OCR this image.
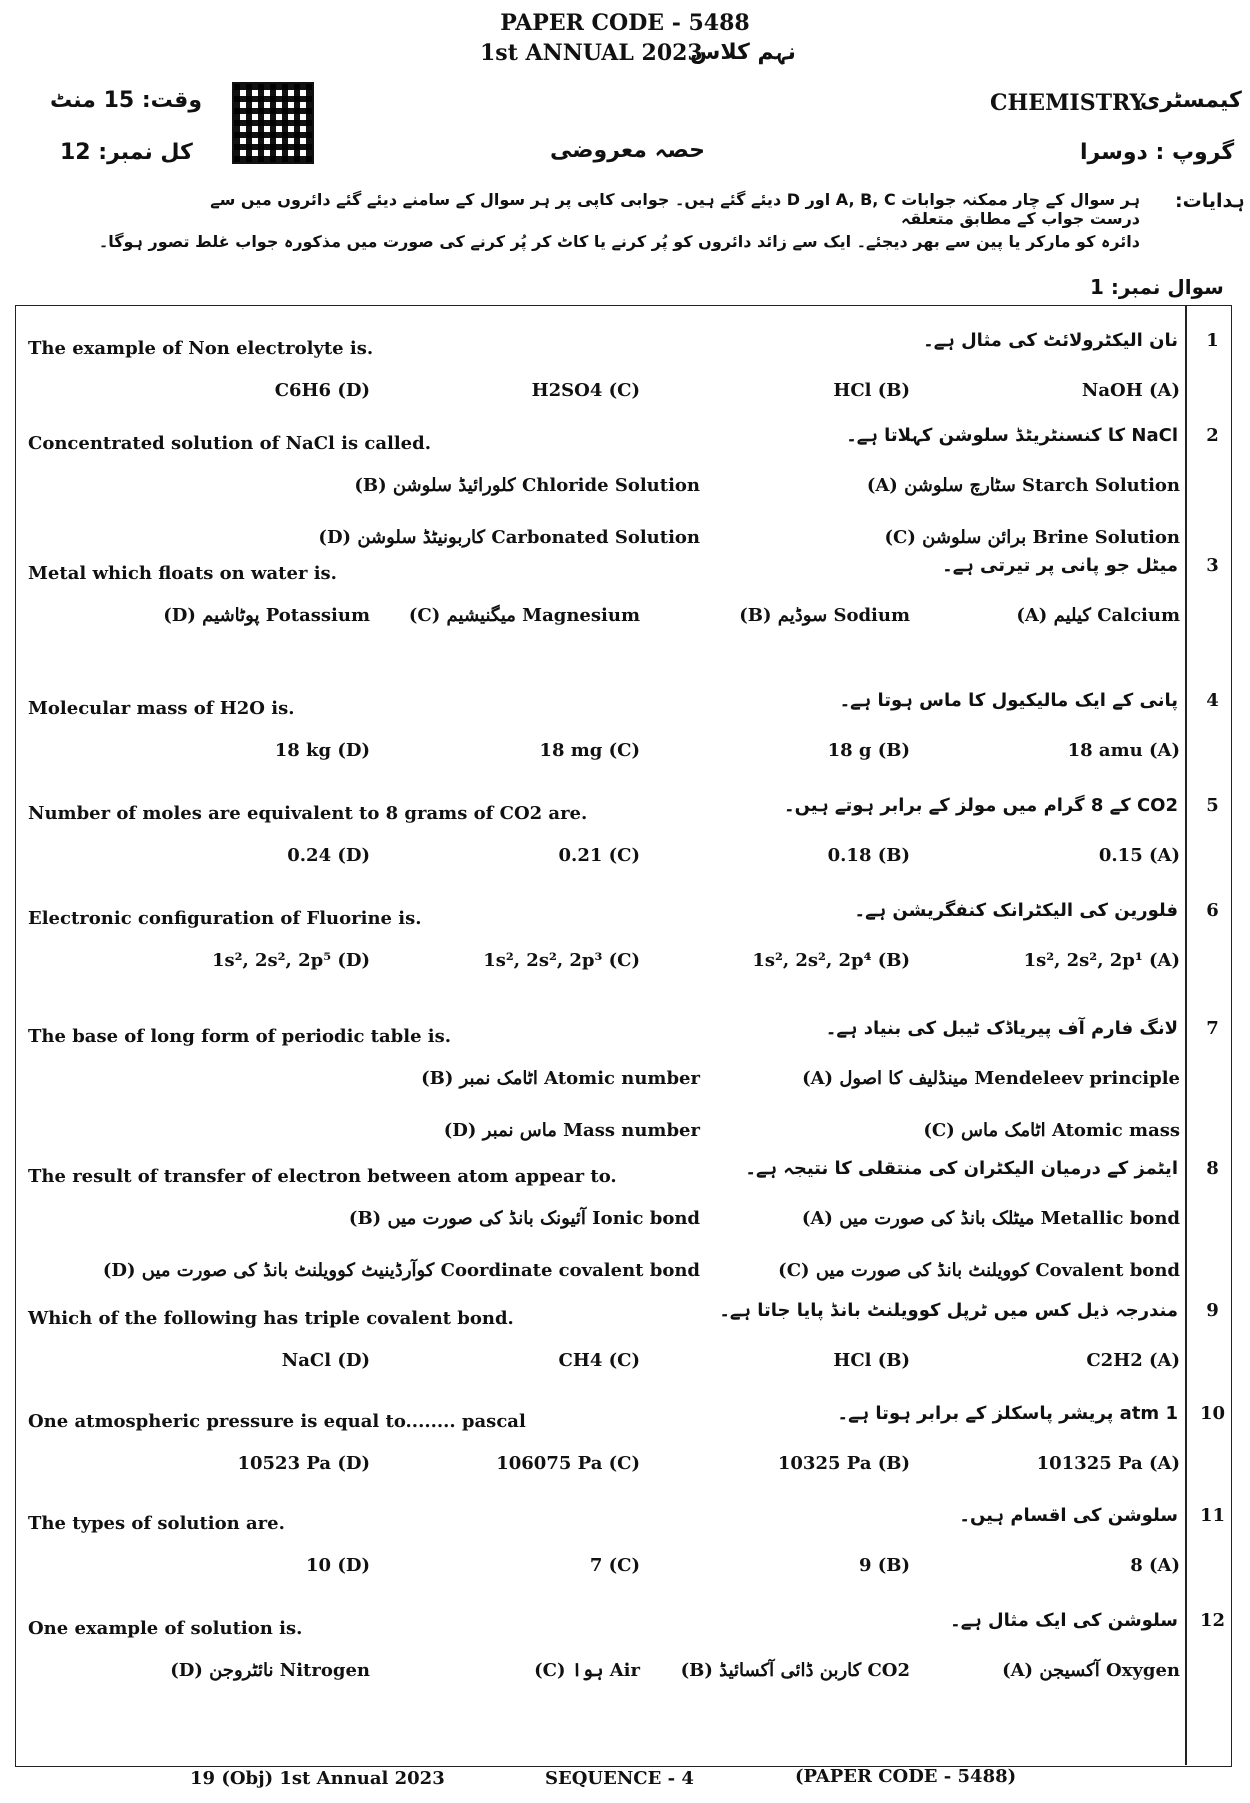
PAPER CODE - 5488
1st ANNUAL 2023
نہم کلاس
وقت: 15 منٹ
کل نمبر: 12
CHEMISTRY
کیمسٹری
گروپ : دوسرا
حصہ معروضی
ہدایات:
ہر سوال کے چار ممکنہ جوابات A, B, C اور D دیئے گئے ہیں۔ جوابی کاپی پر ہر سوال کے سامنے دیئے گئے دائروں میں سے درست جواب کے مطابق متعلقہ
دائرہ کو مارکر یا پین سے بھر دیجئے۔ ایک سے زائد دائروں کو پُر کرنے یا کاٹ کر پُر کرنے کی صورت میں مذکورہ جواب غلط تصور ہوگا۔
سوال نمبر: 1
1
نان الیکٹرولائٹ کی مثال ہے۔
The example of Non electrolyte is.
NaOH (A)
HCl (B)
H2SO4 (C)
C6H6 (D)
2
NaCl کا کنسنٹریٹڈ سلوشن کہلاتا ہے۔
Concentrated solution of NaCl is called.
(A) سٹارچ سلوشن Starch Solution
(B) کلورائیڈ سلوشن Chloride Solution
(C) برائن سلوشن Brine Solution
(D) کاربونیٹڈ سلوشن Carbonated Solution
3
میٹل جو پانی پر تیرتی ہے۔
Metal which floats on water is.
(A) کیلیم Calcium
(B) سوڈیم Sodium
(C) میگنیشیم Magnesium
(D) پوٹاشیم Potassium
4
پانی کے ایک مالیکیول کا ماس ہوتا ہے۔
Molecular mass of H2O is.
18 amu (A)
18 g (B)
18 mg (C)
18 kg (D)
5
CO2 کے 8 گرام میں مولز کے برابر ہوتے ہیں۔
Number of moles are equivalent to 8 grams of CO2 are.
0.15 (A)
0.18 (B)
0.21 (C)
0.24 (D)
6
فلورین کی الیکٹرانک کنفگریشن ہے۔
Electronic configuration of Fluorine is.
1s², 2s², 2p¹ (A)
1s², 2s², 2p⁴ (B)
1s², 2s², 2p³ (C)
1s², 2s², 2p⁵ (D)
7
لانگ فارم آف پیریاڈک ٹیبل کی بنیاد ہے۔
The base of long form of periodic table is.
(A) مینڈلیف کا اصول Mendeleev principle
(B) اٹامک نمبر Atomic number
(C) اٹامک ماس Atomic mass
(D) ماس نمبر Mass number
8
ایٹمز کے درمیان الیکٹران کی منتقلی کا نتیجہ ہے۔
The result of transfer of electron between atom appear to.
(A) میٹلک بانڈ کی صورت میں Metallic bond
(B) آئیونک بانڈ کی صورت میں Ionic bond
(C) کوویلنٹ بانڈ کی صورت میں Covalent bond
(D) کوآرڈینیٹ کوویلنٹ بانڈ کی صورت میں Coordinate covalent bond
9
مندرجہ ذیل کس میں ٹرپل کوویلنٹ بانڈ پایا جاتا ہے۔
Which of the following has triple covalent bond.
C2H2 (A)
HCl (B)
CH4 (C)
NaCl (D)
10
1 atm پریشر پاسکلز کے برابر ہوتا ہے۔
One atmospheric pressure is equal to........ pascal
101325 Pa (A)
10325 Pa (B)
106075 Pa (C)
10523 Pa (D)
11
سلوشن کی اقسام ہیں۔
The types of solution are.
8 (A)
9 (B)
7 (C)
10 (D)
12
سلوشن کی ایک مثال ہے۔
One example of solution is.
(A) آکسیجن Oxygen
(B) کاربن ڈائی آکسائیڈ CO2
(C) ہوا Air
(D) نائٹروجن Nitrogen
19 (Obj) 1st Annual 2023	SEQUENCE - 4	(PAPER CODE - 5488)
